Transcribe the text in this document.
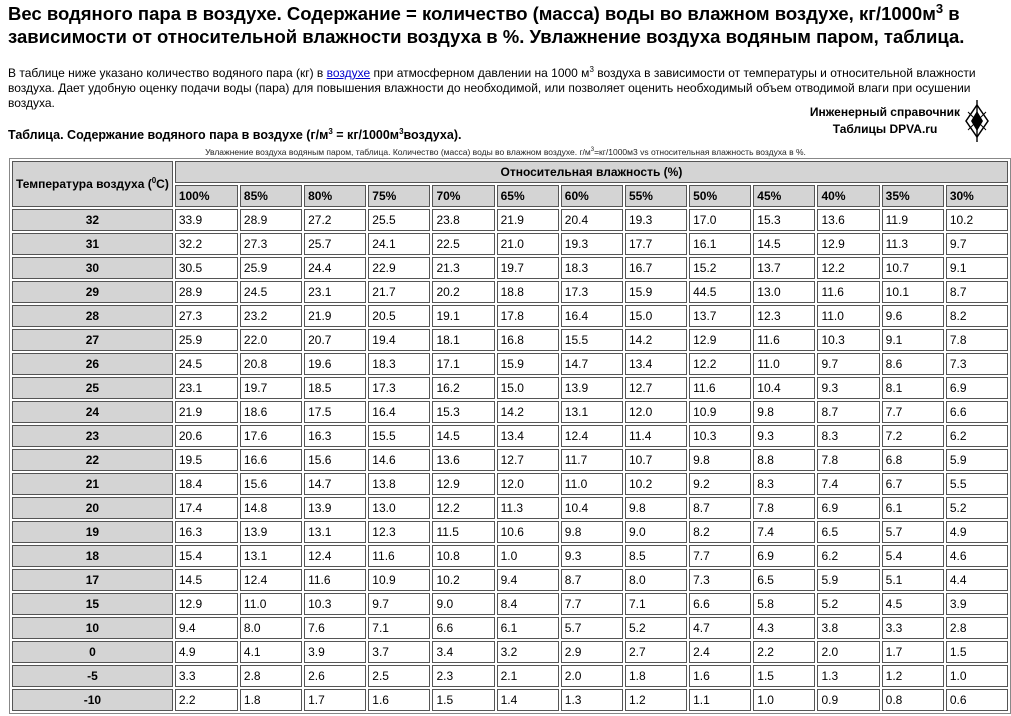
Вес водяного пара в воздухе. Содержание = количество (масса) воды во влажном воздухе, $кг/1000м^3$ в зависимости от относительной влажности воздуха в %. Увлажнение воздуха водяным паром, таблица.

В таблице ниже указано количество водяного пара (кг) в воздухе при атмосферном давлении на 1000 $м^3$ воздуха в зависимости от температуры и относительной влажности воздуха. Дает удобную оценку подачи воды (пара) для повышения влажности до необходимой, или позволяет оценить необходимый объем отводимой влаги при осушении воздуха.

Инженерный справочник
Таблицы DPVA.ru

Таблица. Содержание водяного пара в воздухе ($г/м^3$ = $кг/1000м^3воздуха$).

Увлажнение воздуха водяным паром, таблица. Количество (масса) воды во влажном воздухе. $г/м^3=кг/1000м3$ vs относительная влажность воздуха в %.
Температура воздуха ($^0$C)	Относительная влажность (%)												
	100%	85%	80%	75%	70%	65%	60%	55%	50%	45%	40%	35%	30%
32	33.9	28.9	27.2	25.5	23.8	21.9	20.4	19.3	17.0	15.3	13.6	11.9	10.2
31	32.2	27.3	25.7	24.1	22.5	21.0	19.3	17.7	16.1	14.5	12.9	11.3	9.7
30	30.5	25.9	24.4	22.9	21.3	19.7	18.3	16.7	15.2	13.7	12.2	10.7	9.1
29	28.9	24.5	23.1	21.7	20.2	18.8	17.3	15.9	44.5	13.0	11.6	10.1	8.7
28	27.3	23.2	21.9	20.5	19.1	17.8	16.4	15.0	13.7	12.3	11.0	9.6	8.2
27	25.9	22.0	20.7	19.4	18.1	16.8	15.5	14.2	12.9	11.6	10.3	9.1	7.8
26	24.5	20.8	19.6	18.3	17.1	15.9	14.7	13.4	12.2	11.0	9.7	8.6	7.3
25	23.1	19.7	18.5	17.3	16.2	15.0	13.9	12.7	11.6	10.4	9.3	8.1	6.9
24	21.9	18.6	17.5	16.4	15.3	14.2	13.1	12.0	10.9	9.8	8.7	7.7	6.6
23	20.6	17.6	16.3	15.5	14.5	13.4	12.4	11.4	10.3	9.3	8.3	7.2	6.2
22	19.5	16.6	15.6	14.6	13.6	12.7	11.7	10.7	9.8	8.8	7.8	6.8	5.9
21	18.4	15.6	14.7	13.8	12.9	12.0	11.0	10.2	9.2	8.3	7.4	6.7	5.5
20	17.4	14.8	13.9	13.0	12.2	11.3	10.4	9.8	8.7	7.8	6.9	6.1	5.2
19	16.3	13.9	13.1	12.3	11.5	10.6	9.8	9.0	8.2	7.4	6.5	5.7	4.9
18	15.4	13.1	12.4	11.6	10.8	1.0	9.3	8.5	7.7	6.9	6.2	5.4	4.6
17	14.5	12.4	11.6	10.9	10.2	9.4	8.7	8.0	7.3	6.5	5.9	5.1	4.4
15	12.9	11.0	10.3	9.7	9.0	8.4	7.7	7.1	6.6	5.8	5.2	4.5	3.9
10	9.4	8.0	7.6	7.1	6.6	6.1	5.7	5.2	4.7	4.3	3.8	3.3	2.8
0	4.9	4.1	3.9	3.7	3.4	3.2	2.9	2.7	2.4	2.2	2.0	1.7	1.5
-5	3.3	2.8	2.6	2.5	2.3	2.1	2.0	1.8	1.6	1.5	1.3	1.2	1.0
-10	2.2	1.8	1.7	1.6	1.5	1.4	1.3	1.2	1.1	1.0	0.9	0.8	0.6
